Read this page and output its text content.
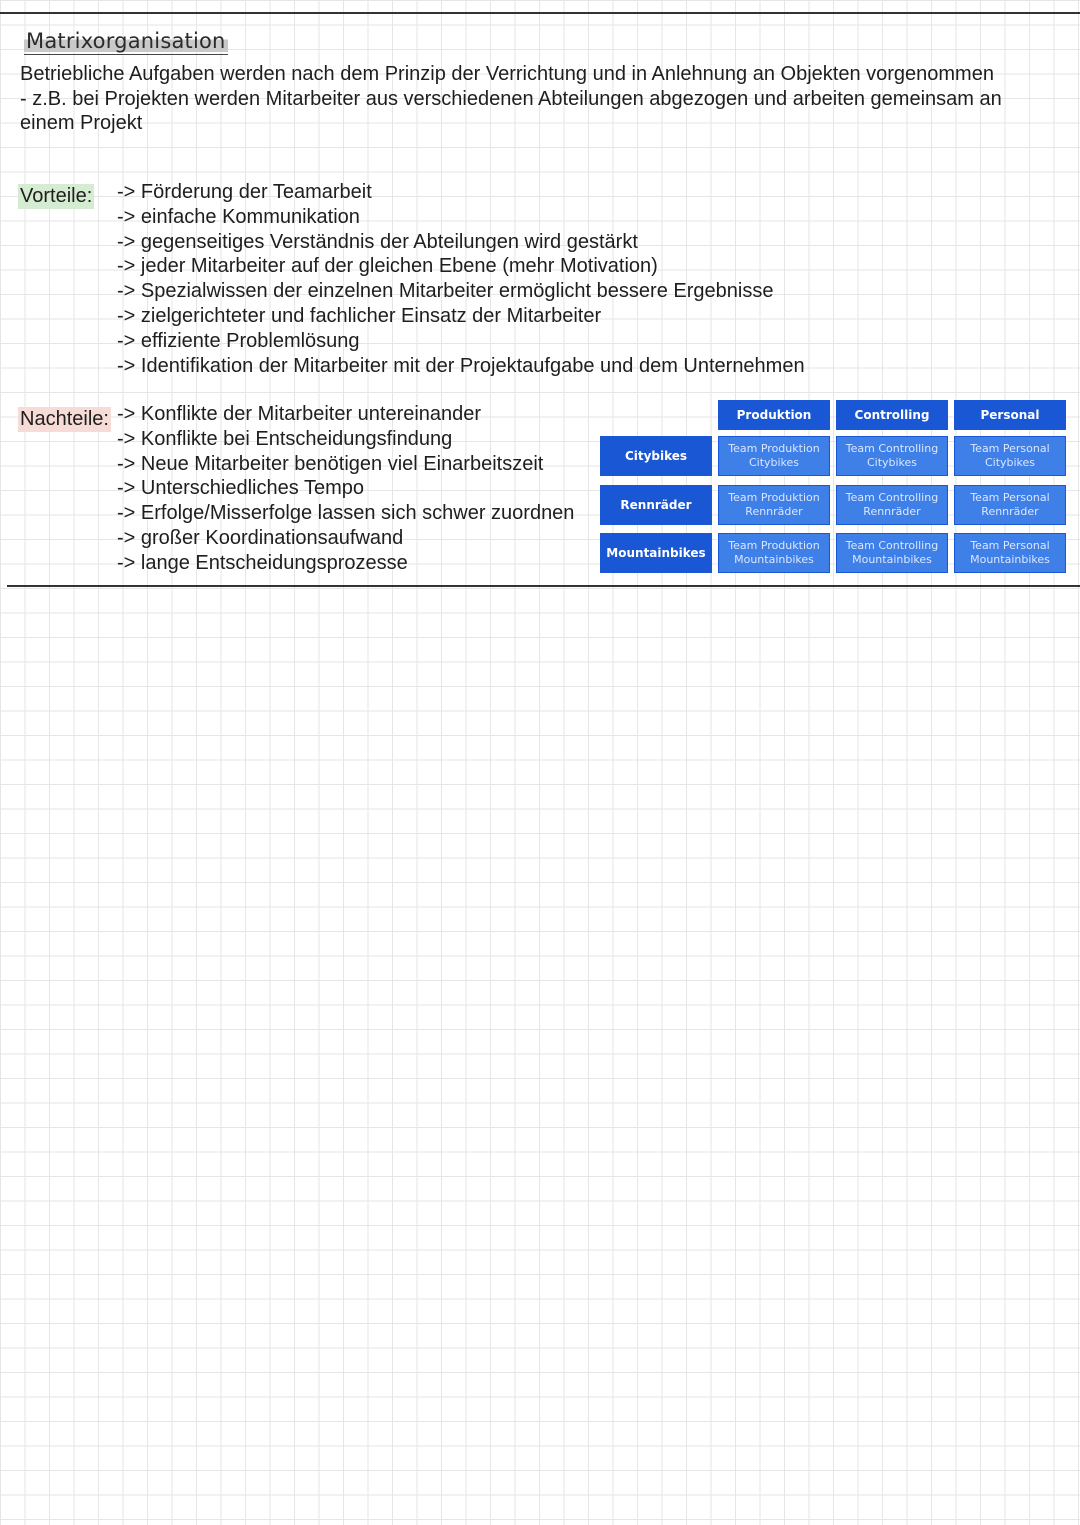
Matrixorganisation

Betriebliche Aufgaben werden nach dem Prinzip der Verrichtung und in Anlehnung an Objekten vorgenommen

- z.B. bei Projekten werden Mitarbeiter aus verschiedenen Abteilungen abgezogen und arbeiten gemeinsam an einem Projekt

Vorteile: -> Förderung der Teamarbeit
-> einfache Kommunikation
-> gegenseitiges Verständnis der Abteilungen wird gestärkt
-> jeder Mitarbeiter auf der gleichen Ebene (mehr Motivation)
-> Spezialwissen der einzelnen Mitarbeiter ermöglicht bessere Ergebnisse
-> zielgerichteter und fachlicher Einsatz der Mitarbeiter
-> effiziente Problemlösung
-> Identifikation der Mitarbeiter mit der Projektaufgabe und dem Unternehmen
Nachteile: -> Konflikte der Mitarbeiter untereinander
-> Konflikte bei Entscheidungsfindung
-> Neue Mitarbeiter benötigen viel Einarbeitszeit
-> Unterschiedliches Tempo
-> Erfolge/Misserfolge lassen sich schwer zuordnen
-> großer Koordinationsaufwand
-> lange Entscheidungsprozesse
Produktion	Controlling	Personal
Citybikes
Rennräder
Mountainbikes
Team Produktion
Citybikes
Team Controlling
Citybikes
Team Personal
Citybikes
Team Produktion
Rennräder
Team Controlling
Rennräder
Team Personal
Rennräder
Team Produktion
Mountainbikes
Team Controlling
Mountainbikes
Team Personal
Mountainbikes
